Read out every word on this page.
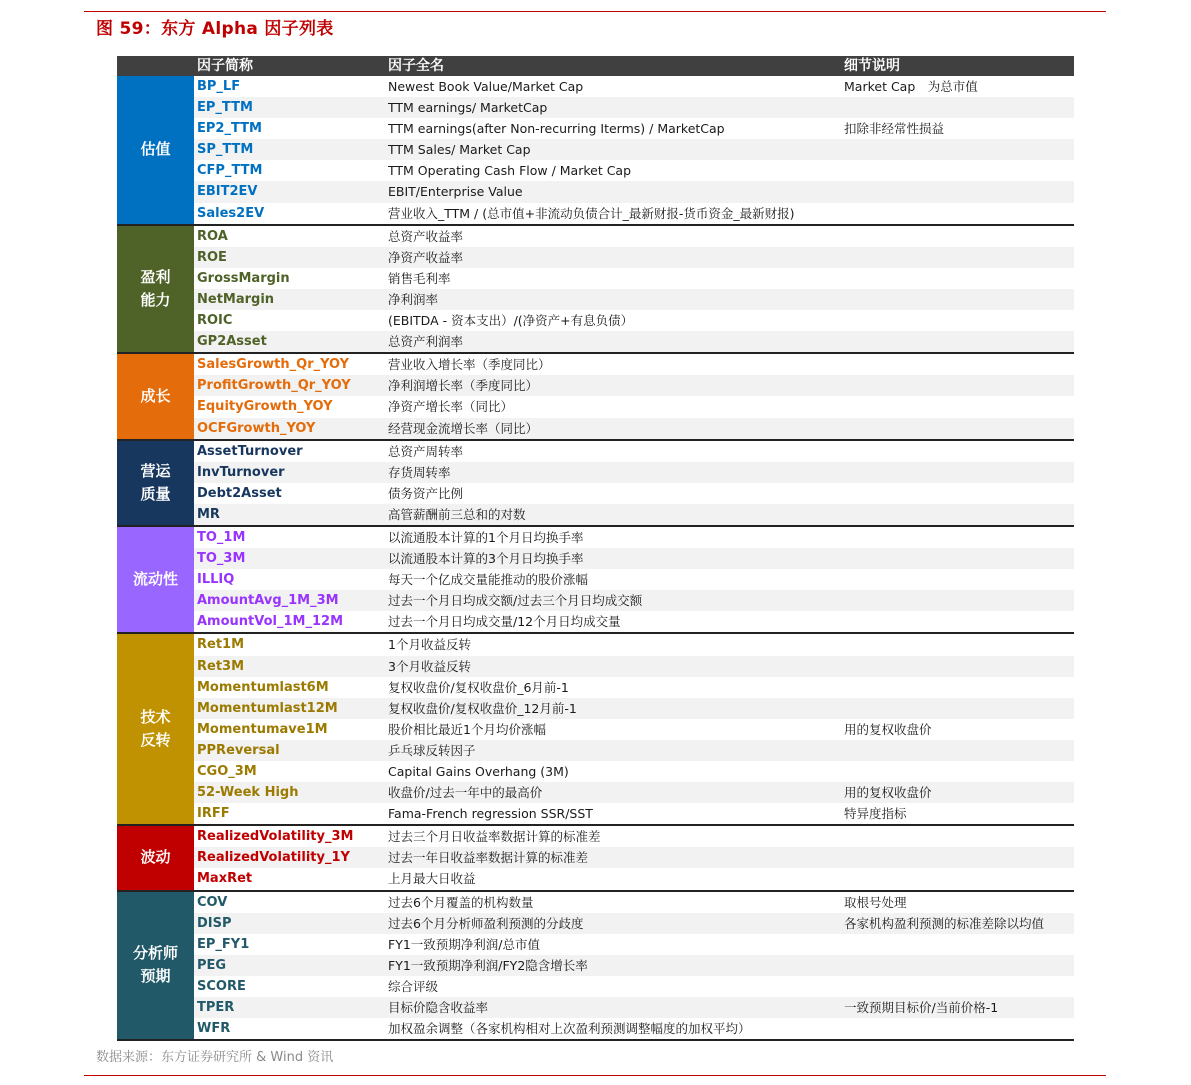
图 59：东方 Alpha 因子列表
因子简称	因子全名	细节说明
估值
BP_LF	Newest Book Value/Market Cap	Market Cap　为总市值
EP_TTM	TTM earnings/ MarketCap
EP2_TTM	TTM earnings(after Non-recurring Iterms) / MarketCap	扣除非经常性损益
SP_TTM	TTM Sales/ Market Cap
CFP_TTM	TTM Operating Cash Flow / Market Cap
EBIT2EV	EBIT/Enterprise Value
Sales2EV	营业收入_TTM / (总市值+非流动负债合计_最新财报-货币资金_最新财报)
盈利
能力
ROA	总资产收益率
ROE	净资产收益率
GrossMargin	销售毛利率
NetMargin	净利润率
ROIC	(EBITDA - 资本支出）/(净资产+有息负债）
GP2Asset	总资产利润率
成长
SalesGrowth_Qr_YOY	营业收入增长率（季度同比）
ProfitGrowth_Qr_YOY	净利润增长率（季度同比）
EquityGrowth_YOY	净资产增长率（同比）
OCFGrowth_YOY	经营现金流增长率（同比）
营运
质量
AssetTurnover	总资产周转率
InvTurnover	存货周转率
Debt2Asset	债务资产比例
MR	高管薪酬前三总和的对数
流动性
TO_1M	以流通股本计算的1个月日均换手率
TO_3M	以流通股本计算的3个月日均换手率
ILLIQ	每天一个亿成交量能推动的股价涨幅
AmountAvg_1M_3M	过去一个月日均成交额/过去三个月日均成交额
AmountVol_1M_12M	过去一个月日均成交量/12个月日均成交量
技术
反转
Ret1M	1个月收益反转
Ret3M	3个月收益反转
Momentumlast6M	复权收盘价/复权收盘价_6月前-1
Momentumlast12M	复权收盘价/复权收盘价_12月前-1
Momentumave1M	股价相比最近1个月均价涨幅	用的复权收盘价
PPReversal	乒乓球反转因子
CGO_3M	Capital Gains Overhang (3M)
52-Week High	收盘价/过去一年中的最高价	用的复权收盘价
IRFF	Fama-French regression SSR/SST	特异度指标
波动
RealizedVolatility_3M	过去三个月日收益率数据计算的标准差
RealizedVolatility_1Y	过去一年日收益率数据计算的标准差
MaxRet	上月最大日收益
分析师
预期
COV	过去6个月覆盖的机构数量	取根号处理
DISP	过去6个月分析师盈利预测的分歧度	各家机构盈利预测的标准差除以均值
EP_FY1	FY1一致预期净利润/总市值
PEG	FY1一致预期净利润/FY2隐含增长率
SCORE	综合评级
TPER	目标价隐含收益率	一致预期目标价/当前价格-1
WFR	加权盈余调整（各家机构相对上次盈利预测调整幅度的加权平均）
数据来源：东方证券研究所 & Wind 资讯
